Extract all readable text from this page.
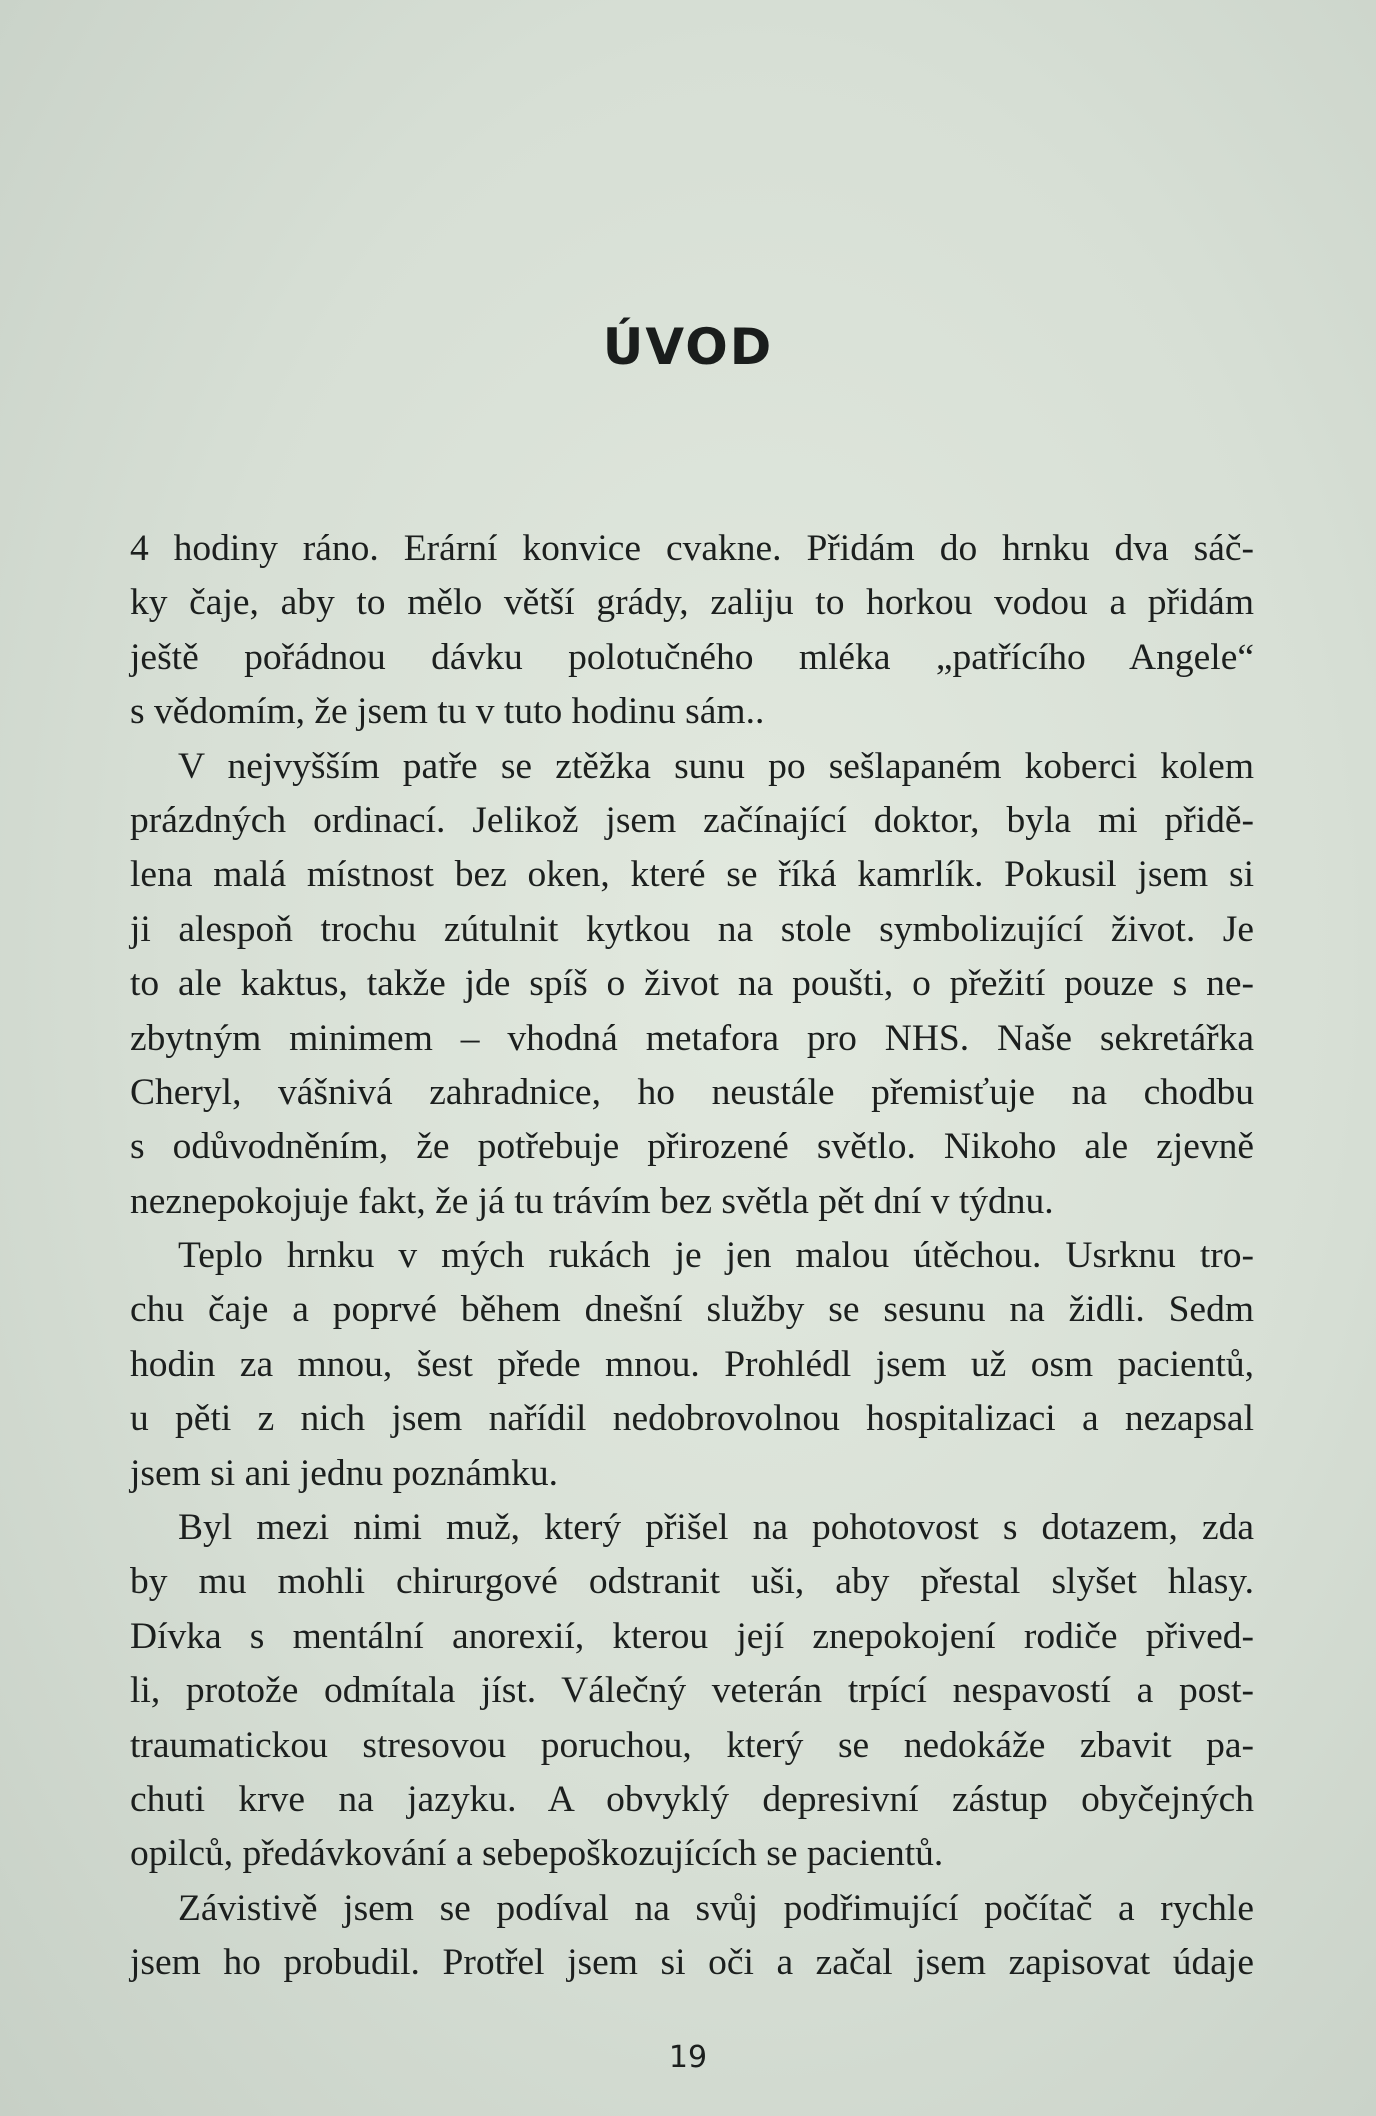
ÚVOD
4 hodiny ráno. Erární konvice cvakne. Přidám do hrnku dva sáč-
ky čaje, aby to mělo větší grády, zaliju to horkou vodou a přidám
ještě pořádnou dávku polotučného mléka „patřícího Angele“
s vědomím, že jsem tu v tuto hodinu sám..
V nejvyšším patře se ztěžka sunu po sešlapaném koberci kolem
prázdných ordinací. Jelikož jsem začínající doktor, byla mi přidě-
lena malá místnost bez oken, které se říká kamrlík. Pokusil jsem si
ji alespoň trochu zútulnit kytkou na stole symbolizující život. Je
to ale kaktus, takže jde spíš o život na poušti, o přežití pouze s ne-
zbytným minimem – vhodná metafora pro NHS. Naše sekretářka
Cheryl, vášnivá zahradnice, ho neustále přemisťuje na chodbu
s odůvodněním, že potřebuje přirozené světlo. Nikoho ale zjevně
neznepokojuje fakt, že já tu trávím bez světla pět dní v týdnu.
Teplo hrnku v mých rukách je jen malou útěchou. Usrknu tro-
chu čaje a poprvé během dnešní služby se sesunu na židli. Sedm
hodin za mnou, šest přede mnou. Prohlédl jsem už osm pacientů,
u pěti z nich jsem nařídil nedobrovolnou hospitalizaci a nezapsal
jsem si ani jednu poznámku.
Byl mezi nimi muž, který přišel na pohotovost s dotazem, zda
by mu mohli chirurgové odstranit uši, aby přestal slyšet hlasy.
Dívka s mentální anorexií, kterou její znepokojení rodiče přived-
li, protože odmítala jíst. Válečný veterán trpící nespavostí a post-
traumatickou stresovou poruchou, který se nedokáže zbavit pa-
chuti krve na jazyku. A obvyklý depresivní zástup obyčejných
opilců, předávkování a sebepoškozujících se pacientů.
Závistivě jsem se podíval na svůj podřimující počítač a rychle
jsem ho probudil. Protřel jsem si oči a začal jsem zapisovat údaje
19
